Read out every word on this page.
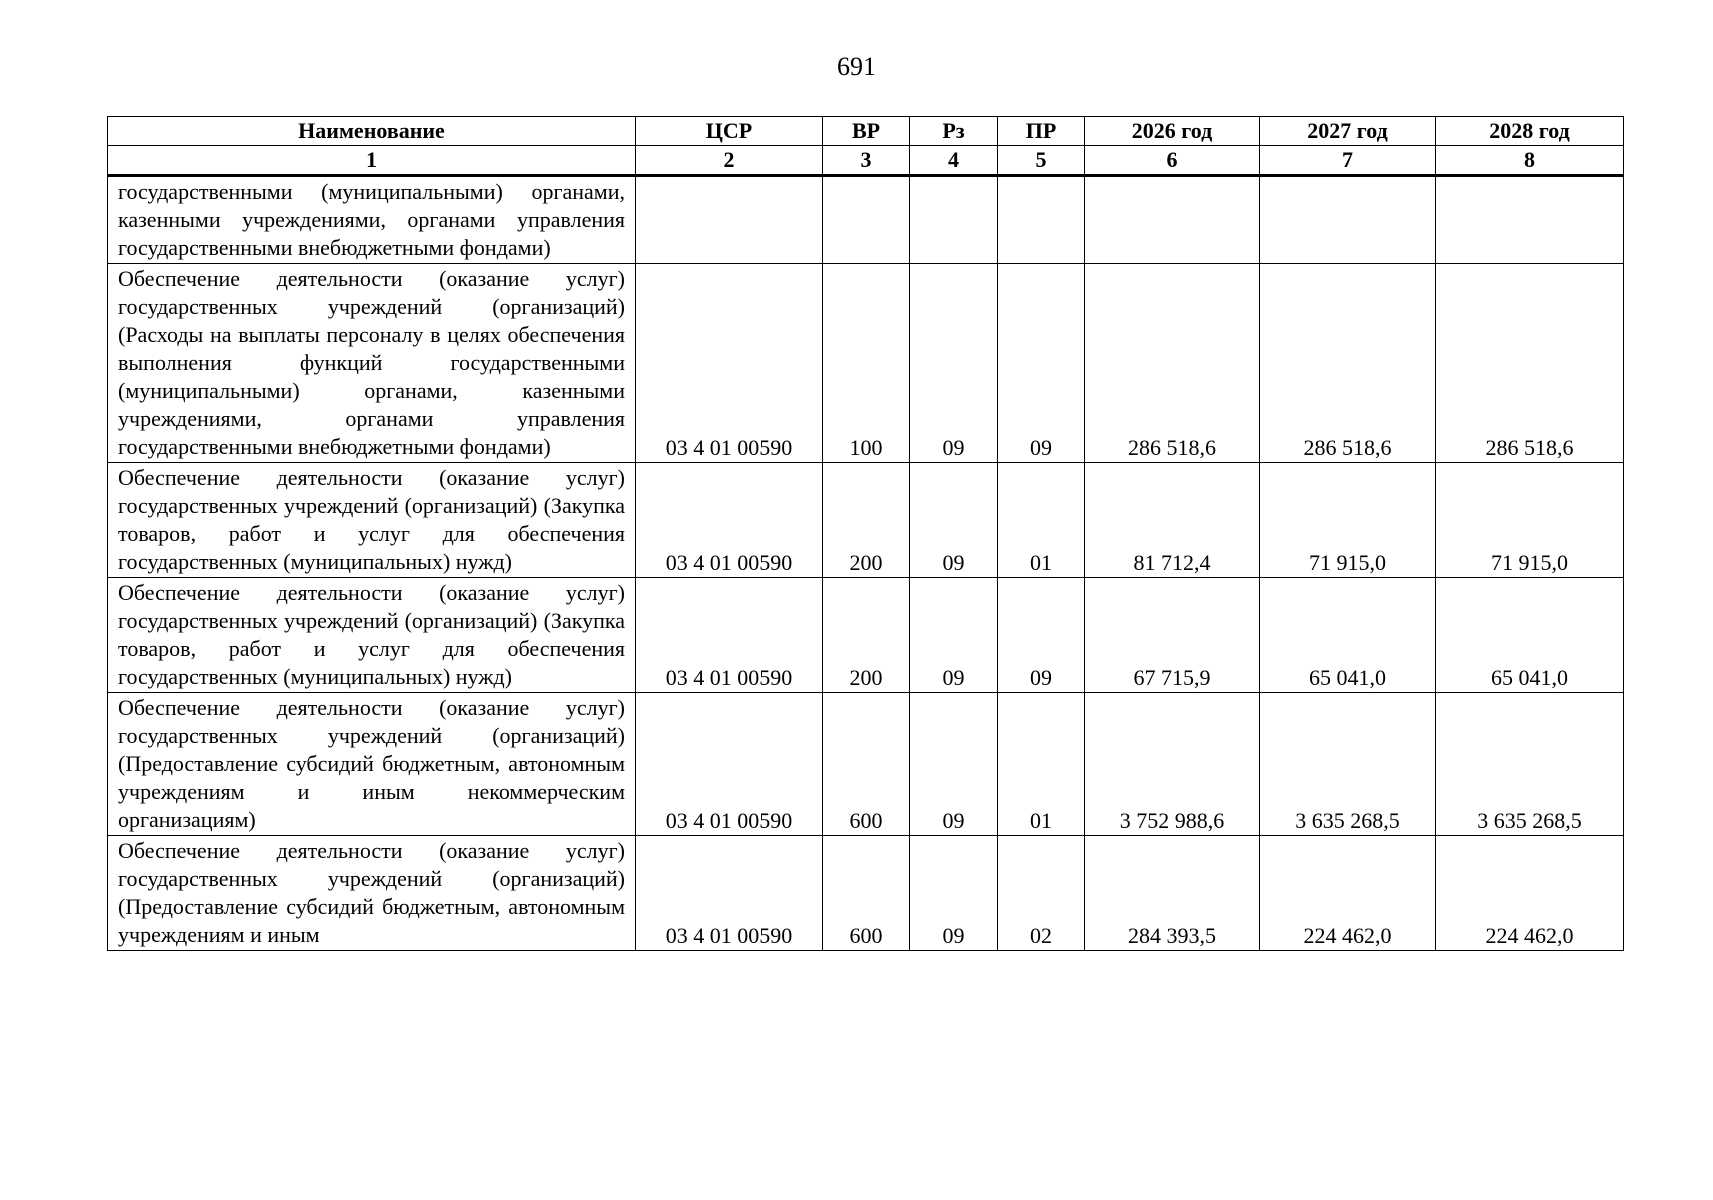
691
Наименование	ЦСР	ВР	Рз	ПР	2026 год	2027 год	2028 год
1	2	3	4	5	6	7	8
государственными (муниципальными) органами, казенными учреждениями, органами управления государственными внебюджетными фондами)							
Обеспечение деятельности (оказание услуг) государственных учреждений (организаций) (Расходы на выплаты персоналу в целях обеспечения выполнения функций государственными (муниципальными) органами, казенными учреждениями, органами управления государственными внебюджетными фондами)	03 4 01 00590	100	09	09	286 518,6	286 518,6	286 518,6
Обеспечение деятельности (оказание услуг) государственных учреждений (организаций) (Закупка товаров, работ и услуг для обеспечения государственных (муниципальных) нужд)	03 4 01 00590	200	09	01	81 712,4	71 915,0	71 915,0
Обеспечение деятельности (оказание услуг) государственных учреждений (организаций) (Закупка товаров, работ и услуг для обеспечения государственных (муниципальных) нужд)	03 4 01 00590	200	09	09	67 715,9	65 041,0	65 041,0
Обеспечение деятельности (оказание услуг) государственных учреждений (организаций) (Предоставление субсидий бюджетным, автономным учреждениям и иным некоммерческим организациям)	03 4 01 00590	600	09	01	3 752 988,6	3 635 268,5	3 635 268,5
Обеспечение деятельности (оказание услуг) государственных учреждений (организаций) (Предоставление субсидий бюджетным, автономным учреждениям и иным	03 4 01 00590	600	09	02	284 393,5	224 462,0	224 462,0
